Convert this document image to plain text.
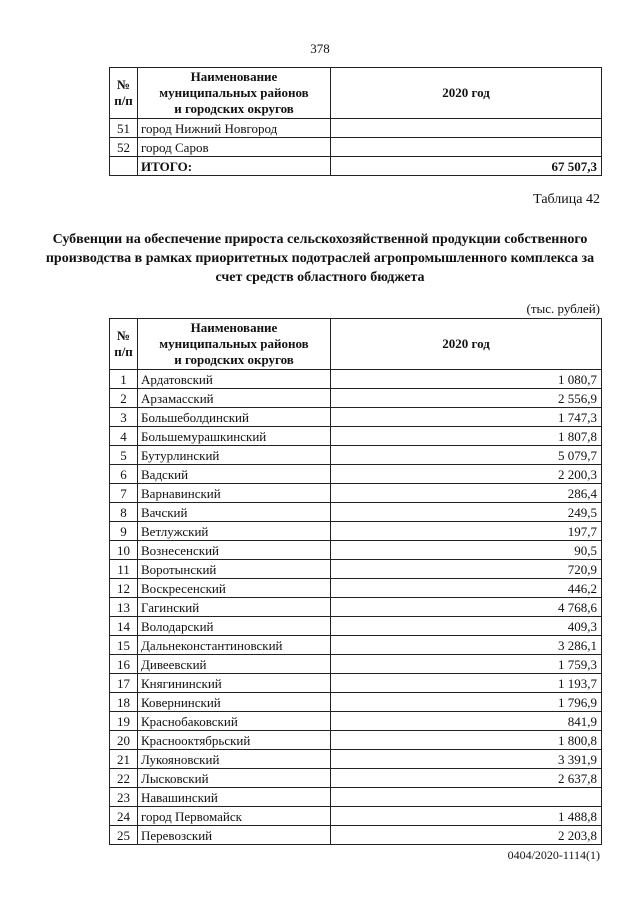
378
№
п/п	Наименование
муниципальных районов
и городских округов	2020 год
51	город Нижний Новгород	
52	город Саров	
	ИТОГО:	67 507,3
Таблица 42
Субвенции на обеспечение прироста сельскохозяйственной продукции собственного производства в рамках приоритетных подотраслей агропромышленного комплекса за счет средств областного бюджета
(тыс. рублей)
№
п/п	Наименование
муниципальных районов
и городских округов	2020 год
1	Ардатовский	1 080,7
2	Арзамасский	2 556,9
3	Большеболдинский	1 747,3
4	Большемурашкинский	1 807,8
5	Бутурлинский	5 079,7
6	Вадский	2 200,3
7	Варнавинский	286,4
8	Вачский	249,5
9	Ветлужский	197,7
10	Вознесенский	90,5
11	Воротынский	720,9
12	Воскресенский	446,2
13	Гагинский	4 768,6
14	Володарский	409,3
15	Дальнеконстантиновский	3 286,1
16	Дивеевский	1 759,3
17	Княгининский	1 193,7
18	Ковернинский	1 796,9
19	Краснобаковский	841,9
20	Краснооктябрьский	1 800,8
21	Лукояновский	3 391,9
22	Лысковский	2 637,8
23	Навашинский	
24	город Первомайск	1 488,8
25	Перевозский	2 203,8
0404/2020-1114(1)
